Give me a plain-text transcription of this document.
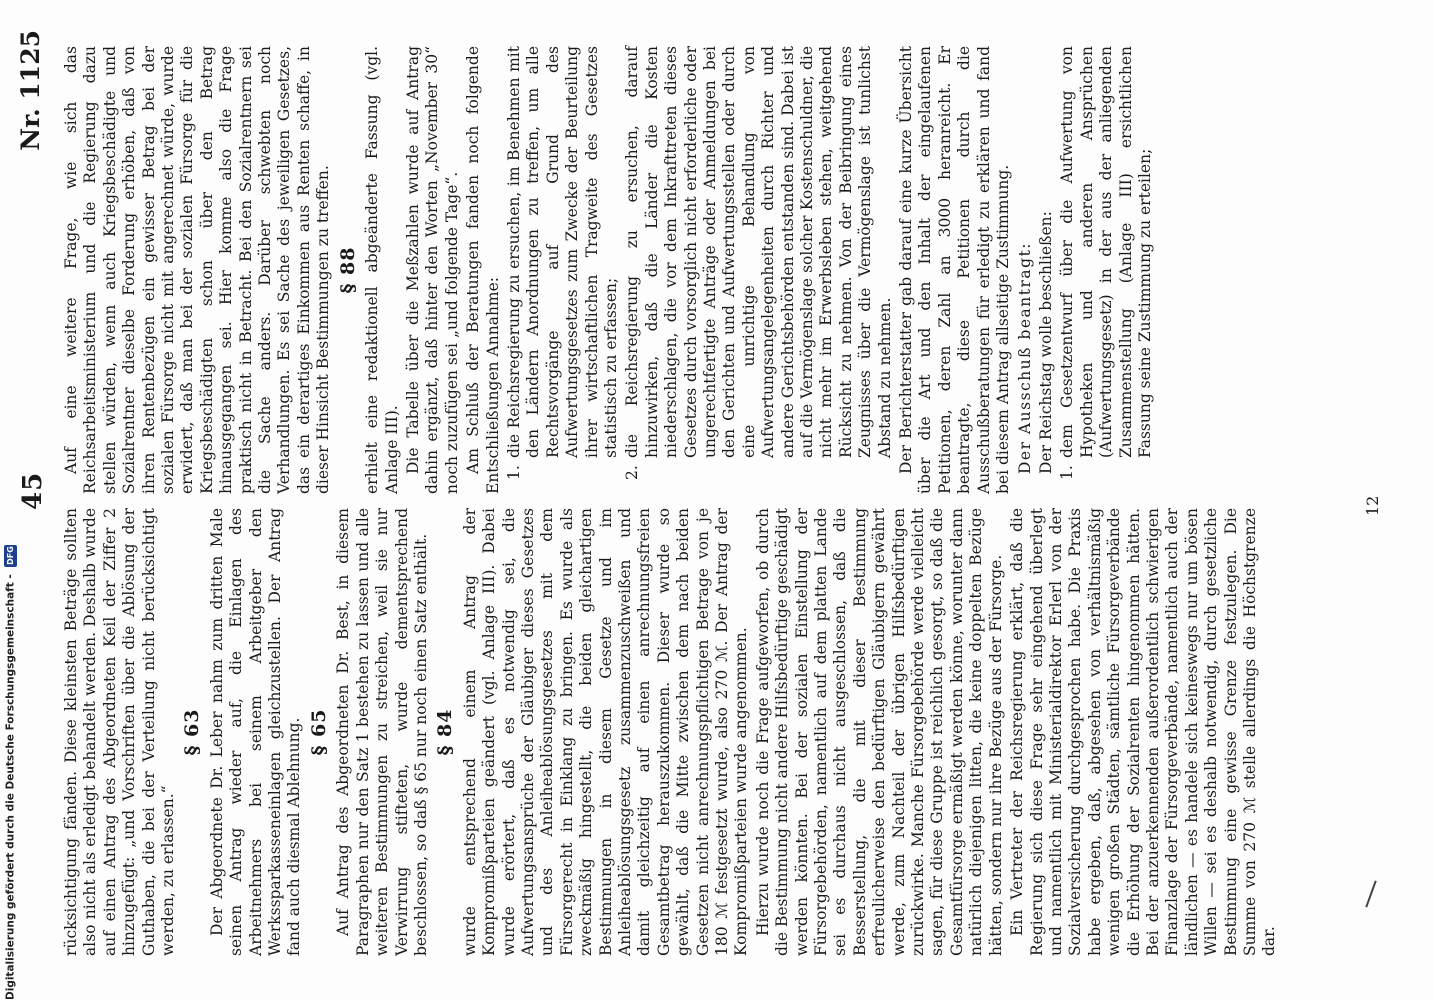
45
Nr. 1125

rücksichtigung fänden. Diese kleinsten Beträge sollten also nicht als erledigt behandelt werden. Deshalb wurde auf einen Antrag des Abgeordneten Keil der Ziffer 2 hinzugefügt: „und Vorschriften über die Ablösung der Guthaben, die bei der Verteilung nicht berücksichtigt werden, zu erlassen.“

§ 63 Der Abgeordnete Dr. Leber nahm zum dritten Male seinen Antrag wieder auf, die Einlagen des Arbeitnehmers bei seinem Arbeitgeber den Werkssparkasseneinlagen gleichzustellen. Der Antrag fand auch diesmal Ablehnung. § 65 Auf Antrag des Abgeordneten Dr. Best, in diesem Paragraphen nur den Satz 1 bestehen zu lassen und alle weiteren Bestimmungen zu streichen, weil sie nur Verwirrung stifteten, wurde dementsprechend beschlossen, so daß § 65 nur noch einen Satz enthält. § 84 wurde entsprechend einem Antrag der Kompromißparteien geändert (vgl. Anlage III). Dabei wurde erörtert, daß es notwendig sei, die Aufwertungsansprüche der Gläubiger dieses Gesetzes und des Anleiheablösungsgesetzes mit dem Fürsorgerecht in Einklang zu bringen. Es wurde als zweckmäßig hingestellt, die beiden gleichartigen Bestimmungen in diesem Gesetze und im Anleiheablösungsgesetz zusammenzuschweißen und damit gleichzeitig auf einen anrechnungsfreien Gesamtbetrag herauszukommen. Dieser wurde so gewählt, daß die Mitte zwischen dem nach beiden Gesetzen nicht anrechnungspflichtigen Betrage von je 180 ℳ festgesetzt wurde, also 270 ℳ. Der Antrag der Kompromißparteien wurde angenommen. Hierzu wurde noch die Frage aufgeworfen, ob durch die Bestimmung nicht andere Hilfsbedürftige geschädigt werden könnten. Bei der sozialen Einstellung der Fürsorgebehörden, namentlich auf dem platten Lande sei es durchaus nicht ausgeschlossen, daß die Besserstellung, die mit dieser Bestimmung erfreulicherweise den bedürftigen Gläubigern gewährt werde, zum Nachteil der übrigen Hilfsbedürftigen zurückwirke. Manche Fürsorgebehörde werde vielleicht sagen, für diese Gruppe ist reichlich gesorgt, so daß die Gesamtfürsorge ermäßigt werden könne, worunter dann natürlich diejenigen litten, die keine doppelten Bezüge hätten, sondern nur ihre Bezüge aus der Fürsorge. Ein Vertreter der Reichsregierung erklärt, daß die Regierung sich diese Frage sehr eingehend überlegt und namentlich mit Ministerialdirektor Erlerl von der Sozialversicherung durchgesprochen habe. Die Praxis habe ergeben, daß, abgesehen von verhältnismäßig wenigen großen Städten, sämtliche Fürsorgeverbände die Erhöhung der Sozialrenten hingenommen hätten. Bei der anzuerkennenden außerordentlich schwierigen Finanzlage der Fürsorgeverbände, namentlich auch der ländlichen — es handele sich keineswegs nur um bösen Willen — sei es deshalb notwendig, durch gesetzliche Bestimmung eine gewisse Grenze festzulegen. Die Summe von 270 ℳ stelle allerdings die Höchstgrenze dar.

Auf eine weitere Frage, wie sich das Reichsarbeitsministerium und die Regierung dazu stellen würden, wenn auch Kriegsbeschädigte und Sozialrentner dieselbe Forderung erhöben, daß von ihren Rentenbezügen ein gewisser Betrag bei der sozialen Fürsorge nicht mit angerechnet würde, wurde erwidert, daß man bei der sozialen Fürsorge für die Kriegsbeschädigten schon über den Betrag hinausgegangen sei. Hier komme also die Frage praktisch nicht in Betracht. Bei den Sozialrentnern sei die Sache anders. Darüber schwebten noch Verhandlungen. Es sei Sache des jeweiligen Gesetzes, das ein derartiges Einkommen aus Renten schaffe, in dieser Hinsicht Bestimmungen zu treffen. § 88 erhielt eine redaktionell abgeänderte Fassung (vgl. Anlage III). Die Tabelle über die Meßzahlen wurde auf Antrag dahin ergänzt, daß hinter den Worten „November 30“ noch zuzufügen sei „und folgende Tage“. Am Schluß der Beratungen fanden noch folgende Entschließungen Annahme: 1.
die Reichsregierung zu ersuchen, im Benehmen mit den Ländern Anordnungen zu treffen, um alle Rechtsvorgänge auf Grund des Aufwertungsgesetzes zum Zwecke der Beurteilung ihrer wirtschaftlichen Tragweite des Gesetzes statistisch zu erfassen;
2.
die Reichsregierung zu ersuchen, darauf hinzuwirken, daß die Länder die Kosten niederschlagen, die vor dem Inkrafttreten dieses Gesetzes durch vorsorglich nicht erforderliche oder ungerechtfertigte Anträge oder Anmeldungen bei den Gerichten und Aufwertungsstellen oder durch eine unrichtige Behandlung von Aufwertungsangelegenheiten durch Richter und andere Gerichtsbehörden entstanden sind. Dabei ist auf die Vermögenslage solcher Kostenschuldner, die nicht mehr im Erwerbsleben stehen, weitgehend Rücksicht zu nehmen. Von der Beibringung eines Zeugnisses über die Vermögenslage ist tunlichst Abstand zu nehmen. Der Berichterstatter gab darauf eine kurze Übersicht über die Art und den Inhalt der eingelaufenen Petitionen, deren Zahl an 3000 heranreicht. Er beantragte, diese Petitionen durch die Ausschußberatungen für erledigt zu erklären und fand bei diesem Antrag allseitige Zustimmung. Der Ausschuß beantragt: Der Reichstag wolle beschließen: 1.
dem Gesetzentwurf über die Aufwertung von Hypotheken und anderen Ansprüchen (Aufwertungsgesetz) in der aus der anliegenden Zusammenstellung (Anlage III) ersichtlichen Fassung seine Zustimmung zu erteilen;
12
Digitalisierung gefördert durch die Deutsche Forschungsgemeinschaft - DFG
